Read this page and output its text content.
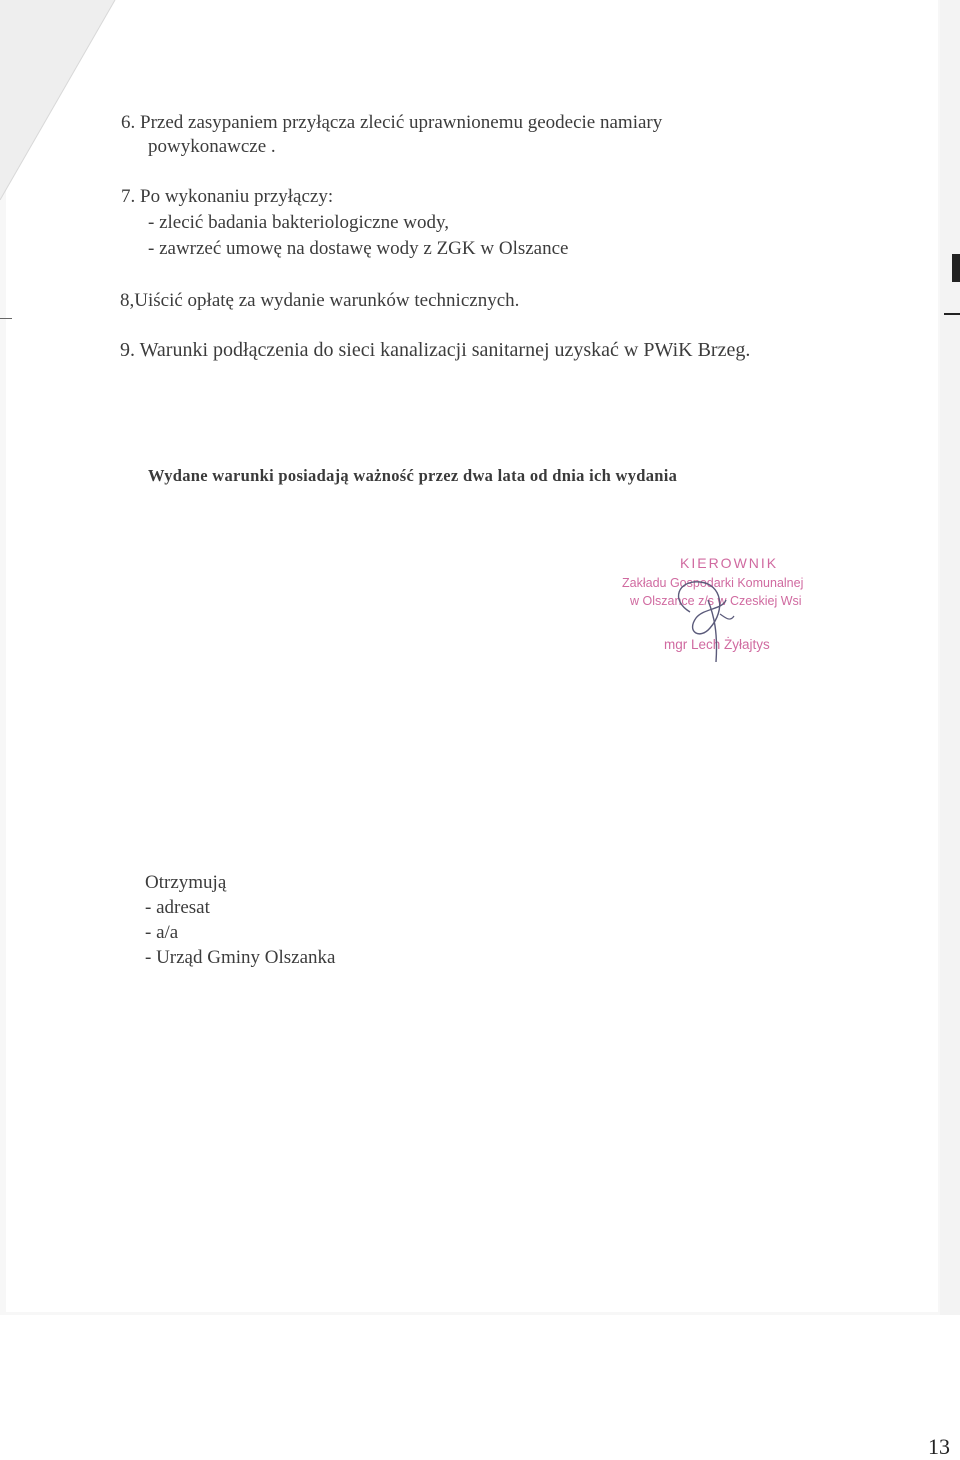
6. Przed zasypaniem przyłącza zlecić uprawnionemu geodecie namiary
powykonawcze .
7. Po wykonaniu przyłączy:
- zlecić badania bakteriologiczne wody,
- zawrzeć umowę na dostawę wody z ZGK w Olszance
8,Uiścić opłatę za wydanie warunków technicznych.
9. Warunki podłączenia do sieci kanalizacji sanitarnej uzyskać w PWiK Brzeg.
Wydane warunki posiadają ważność przez dwa lata od dnia ich wydania
KIEROWNIK
Zakładu Gospodarki Komunalnej
w Olszance z/s w Czeskiej Wsi
mgr Lech Żyłajtys
Otrzymują
- adresat
- a/a
- Urząd Gminy Olszanka
13
